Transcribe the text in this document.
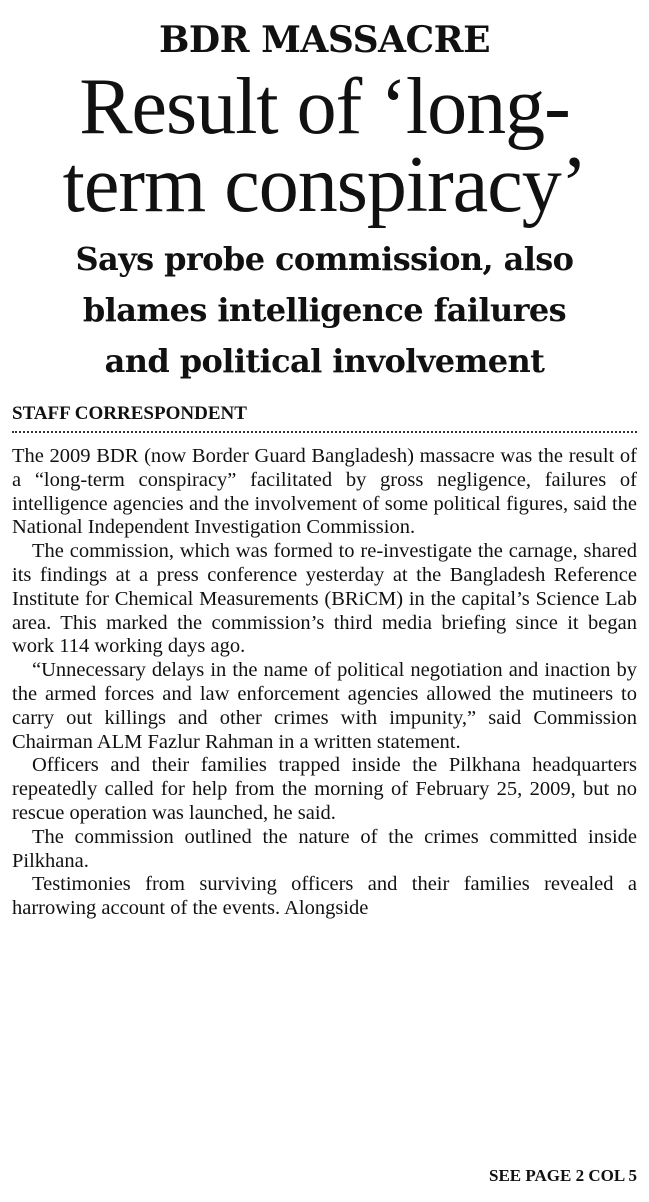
BDR MASSACRE
Result of ‘long-
term conspiracy’
Says probe commission, also
blames intelligence failures
and political involvement
STAFF CORRESPONDENT

The 2009 BDR (now Border Guard Bangladesh) massacre was the result of a “long-term conspiracy” facilitated by gross negligence, failures of intelligence agencies and the involvement of some political figures, said the National Independent Investigation Commission.

The commission, which was formed to re-investigate the carnage, shared its findings at a press conference yesterday at the Bangladesh Reference Institute for Chemical Measurements (BRiCM) in the capital’s Science Lab area. This marked the commission’s third media briefing since it began work 114 working days ago.

“Unnecessary delays in the name of political negotiation and inaction by the armed forces and law enforcement agencies allowed the mutineers to carry out killings and other crimes with impunity,” said Commission Chairman ALM Fazlur Rahman in a written statement.

Officers and their families trapped inside the Pilkhana headquarters repeatedly called for help from the morning of February 25, 2009, but no rescue operation was launched, he said.

The commission outlined the nature of the crimes committed inside Pilkhana.

Testimonies from surviving officers and their families revealed a harrowing account of the events. Alongside

SEE PAGE 2 COL 5
